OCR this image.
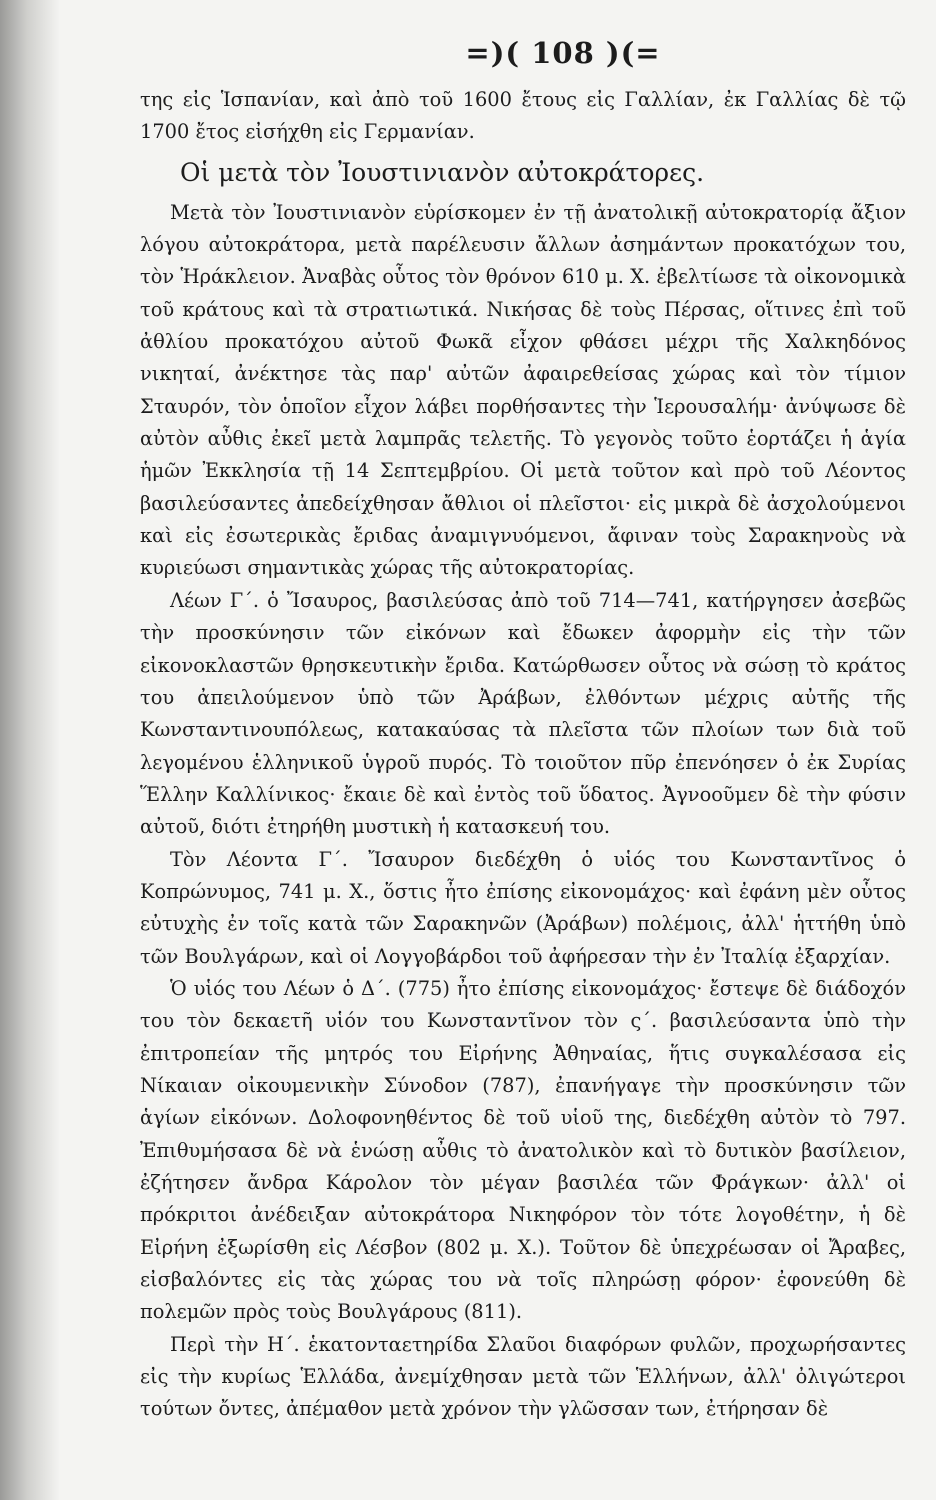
=)( 108 )(=

της εἰς Ἱσπανίαν, καὶ ἀπὸ τοῦ 1600 ἔτους εἰς Γαλλίαν, ἐκ Γαλλίας δὲ τῷ 1700 ἔτος εἰσήχθη εἰς Γερμανίαν.

Οἱ μετὰ τὸν Ἰουστινιανὸν αὐτοκράτορες.

Μετὰ τὸν Ἰουστινιανὸν εὑρίσκομεν ἐν τῇ ἀνατολικῇ αὐτοκρατορίᾳ ἄξιον λόγου αὐτοκράτορα, μετὰ παρέλευσιν ἄλλων ἀσημάντων προκατόχων του, τὸν Ἡράκλειον. Ἀναβὰς οὗτος τὸν θρόνον 610 μ. Χ. ἐβελτίωσε τὰ οἰκονομικὰ τοῦ κράτους καὶ τὰ στρατιωτικά. Νικήσας δὲ τοὺς Πέρσας, οἵτινες ἐπὶ τοῦ ἀθλίου προκατόχου αὐτοῦ Φωκᾶ εἶχον φθάσει μέχρι τῆς Χαλκηδόνος νικηταί, ἀνέκτησε τὰς παρ' αὐτῶν ἀφαιρεθείσας χώρας καὶ τὸν τίμιον Σταυρόν, τὸν ὁποῖον εἶχον λάβει πορθήσαντες τὴν Ἱερουσαλήμ· ἀνύψωσε δὲ αὐτὸν αὖθις ἐκεῖ μετὰ λαμπρᾶς τελετῆς. Τὸ γεγονὸς τοῦτο ἑορτάζει ἡ ἁγία ἡμῶν Ἐκκλησία τῇ 14 Σεπτεμβρίου. Οἱ μετὰ τοῦτον καὶ πρὸ τοῦ Λέοντος βασιλεύσαντες ἀπεδείχθησαν ἄθλιοι οἱ πλεῖστοι· εἰς μικρὰ δὲ ἀσχολούμενοι καὶ εἰς ἐσωτερικὰς ἔριδας ἀναμιγνυόμενοι, ἄφιναν τοὺς Σαρακηνοὺς νὰ κυριεύωσι σημαντικὰς χώρας τῆς αὐτοκρατορίας.

Λέων Γ΄. ὁ Ἴσαυρος, βασιλεύσας ἀπὸ τοῦ 714—741, κατήργησεν ἀσεβῶς τὴν προσκύνησιν τῶν εἰκόνων καὶ ἔδωκεν ἀφορμὴν εἰς τὴν τῶν εἰκονοκλαστῶν θρησκευτικὴν ἔριδα. Κατώρθωσεν οὗτος νὰ σώσῃ τὸ κράτος του ἀπειλούμενον ὑπὸ τῶν Ἀράβων, ἐλθόντων μέχρις αὐτῆς τῆς Κωνσταντινουπόλεως, κατακαύσας τὰ πλεῖστα τῶν πλοίων των διὰ τοῦ λεγομένου ἑλληνικοῦ ὑγροῦ πυρός. Τὸ τοιοῦτον πῦρ ἐπενόησεν ὁ ἐκ Συρίας Ἕλλην Καλλίνικος· ἔκαιε δὲ καὶ ἐντὸς τοῦ ὕδατος. Ἀγνοοῦμεν δὲ τὴν φύσιν αὐτοῦ, διότι ἐτηρήθη μυστικὴ ἡ κατασκευή του.

Τὸν Λέοντα Γ΄. Ἴσαυρον διεδέχθη ὁ υἱός του Κωνσταντῖνος ὁ Κοπρώνυμος, 741 μ. Χ., ὅστις ἦτο ἐπίσης εἰκονομάχος· καὶ ἐφάνη μὲν οὗτος εὐτυχὴς ἐν τοῖς κατὰ τῶν Σαρακηνῶν (Ἀράβων) πολέμοις, ἀλλ' ἡττήθη ὑπὸ τῶν Βουλγάρων, καὶ οἱ Λογγοβάρδοι τοῦ ἀφήρεσαν τὴν ἐν Ἰταλίᾳ ἐξαρχίαν.

Ὁ υἱός του Λέων ὁ Δ΄. (775) ἦτο ἐπίσης εἰκονομάχος· ἔστεψε δὲ διάδοχόν του τὸν δεκαετῆ υἱόν του Κωνσταντῖνον τὸν ς΄. βασιλεύσαντα ὑπὸ τὴν ἐπιτροπείαν τῆς μητρός του Εἰρήνης Ἀθηναίας, ἥτις συγκαλέσασα εἰς Νίκαιαν οἰκουμενικὴν Σύνοδον (787), ἐπανήγαγε τὴν προσκύνησιν τῶν ἁγίων εἰκόνων. Δολοφονηθέντος δὲ τοῦ υἱοῦ της, διεδέχθη αὐτὸν τὸ 797. Ἐπιθυμήσασα δὲ νὰ ἑνώσῃ αὖθις τὸ ἀνατολικὸν καὶ τὸ δυτικὸν βασίλειον, ἐζήτησεν ἄνδρα Κάρολον τὸν μέγαν βασιλέα τῶν Φράγκων· ἀλλ' οἱ πρόκριτοι ἀνέδειξαν αὐτοκράτορα Νικηφόρον τὸν τότε λογοθέτην, ἡ δὲ Εἰρήνη ἐξωρίσθη εἰς Λέσβον (802 μ. Χ.). Τοῦτον δὲ ὑπεχρέωσαν οἱ Ἄραβες, εἰσβαλόντες εἰς τὰς χώρας του νὰ τοῖς πληρώσῃ φόρον· ἐφονεύθη δὲ πολεμῶν πρὸς τοὺς Βουλγάρους (811).

Περὶ τὴν Η΄. ἑκατονταετηρίδα Σλαῦοι διαφόρων φυλῶν, προχωρήσαντες εἰς τὴν κυρίως Ἑλλάδα, ἀνεμίχθησαν μετὰ τῶν Ἑλλήνων, ἀλλ' ὀλιγώτεροι τούτων ὄντες, ἀπέμαθον μετὰ χρόνον τὴν γλῶσσαν των, ἐτήρησαν δὲ
